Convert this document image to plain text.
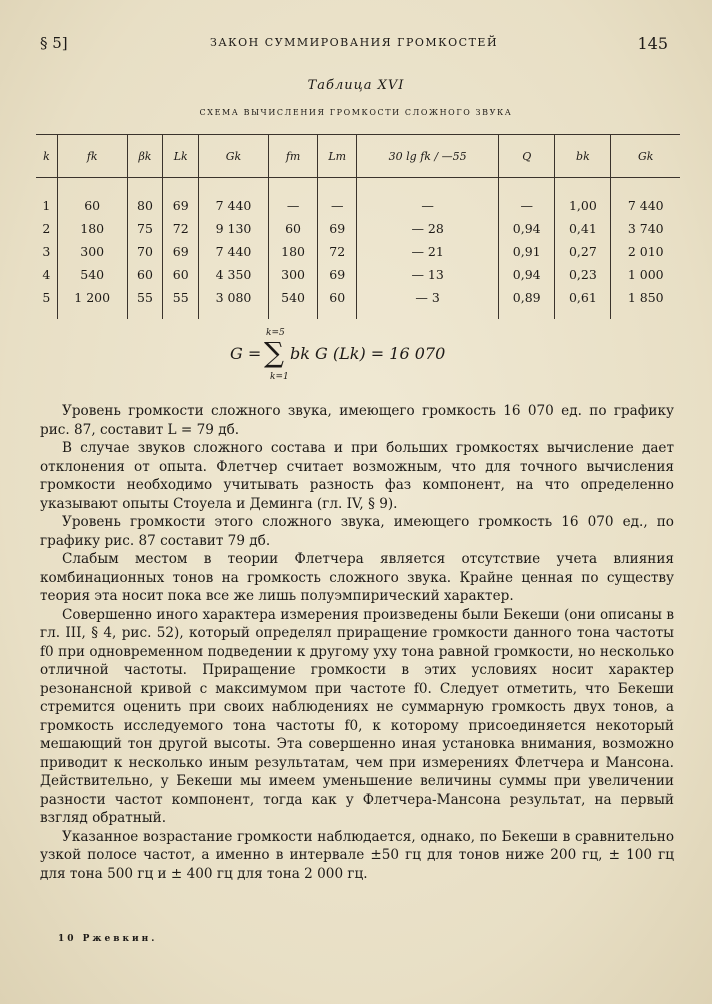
§ 5]	ЗАКОН СУММИРОВАНИЯ ГРОМКОСТЕЙ	145
Таблица XVI
СХЕМА ВЫЧИСЛЕНИЯ ГРОМКОСТИ СЛОЖНОГО ЗВУКА
k	fk	βk	Lk	Gk	fm	Lm	30 lg fk / —55	Q	bk	Gk
1	60	80	69	7 440	—	—	—	—	1,00	7 440
2	180	75	72	9 130	60	69	— 28	0,94	0,41	3 740
3	300	70	69	7 440	180	72	— 21	0,91	0,27	2 010
4	540	60	60	4 350	300	69	— 13	0,94	0,23	1 000
5	1 200	55	55	3 080	540	60	— 3	0,89	0,61	1 850
k=5
G = ∑ bk G (Lk) = 16 070
k=1

Уровень громкости сложного звука, имеющего громкость 16 070 ед. по графику рис. 87, составит L = 79 дб.

В случае звуков сложного состава и при больших громкостях вычисление дает отклонения от опыта. Флетчер считает возможным, что для точного вычисления громкости необходимо учитывать разность фаз компонент, на что определенно указывают опыты Стоуела и Деминга (гл. IV, § 9).

Уровень громкости этого сложного звука, имеющего громкость 16 070 ед., по графику рис. 87 составит 79 дб.

Слабым местом в теории Флетчера является отсутствие учета влияния комбинационных тонов на громкость сложного звука. Крайне ценная по существу теория эта носит пока все же лишь полуэмпирический характер.

Совершенно иного характера измерения произведены были Бекеши (они описаны в гл. III, § 4, рис. 52), который определял приращение громкости данного тона частоты f0 при одновременном подведении к другому уху тона равной громкости, но несколько отличной частоты. Приращение громкости в этих условиях носит характер резонансной кривой с максимумом при частоте f0. Следует отметить, что Бекеши стремится оценить при своих наблюдениях не суммарную громкость двух тонов, а громкость исследуемого тона частоты f0, к которому присоединяется некоторый мешающий тон другой высоты. Эта совершенно иная установка внимания, возможно приводит к несколько иным результатам, чем при измерениях Флетчера и Мансона. Действительно, у Бекеши мы имеем уменьшение величины суммы при увеличении разности частот компонент, тогда как у Флетчера-Мансона результат, на первый взгляд обратный.

Указанное возрастание громкости наблюдается, однако, по Бекеши в сравнительно узкой полосе частот, а именно в интервале ±50 гц для тонов ниже 200 гц, ± 100 гц для тона 500 гц и ± 400 гц для тона 2 000 гц.

10 Ржевкин.
